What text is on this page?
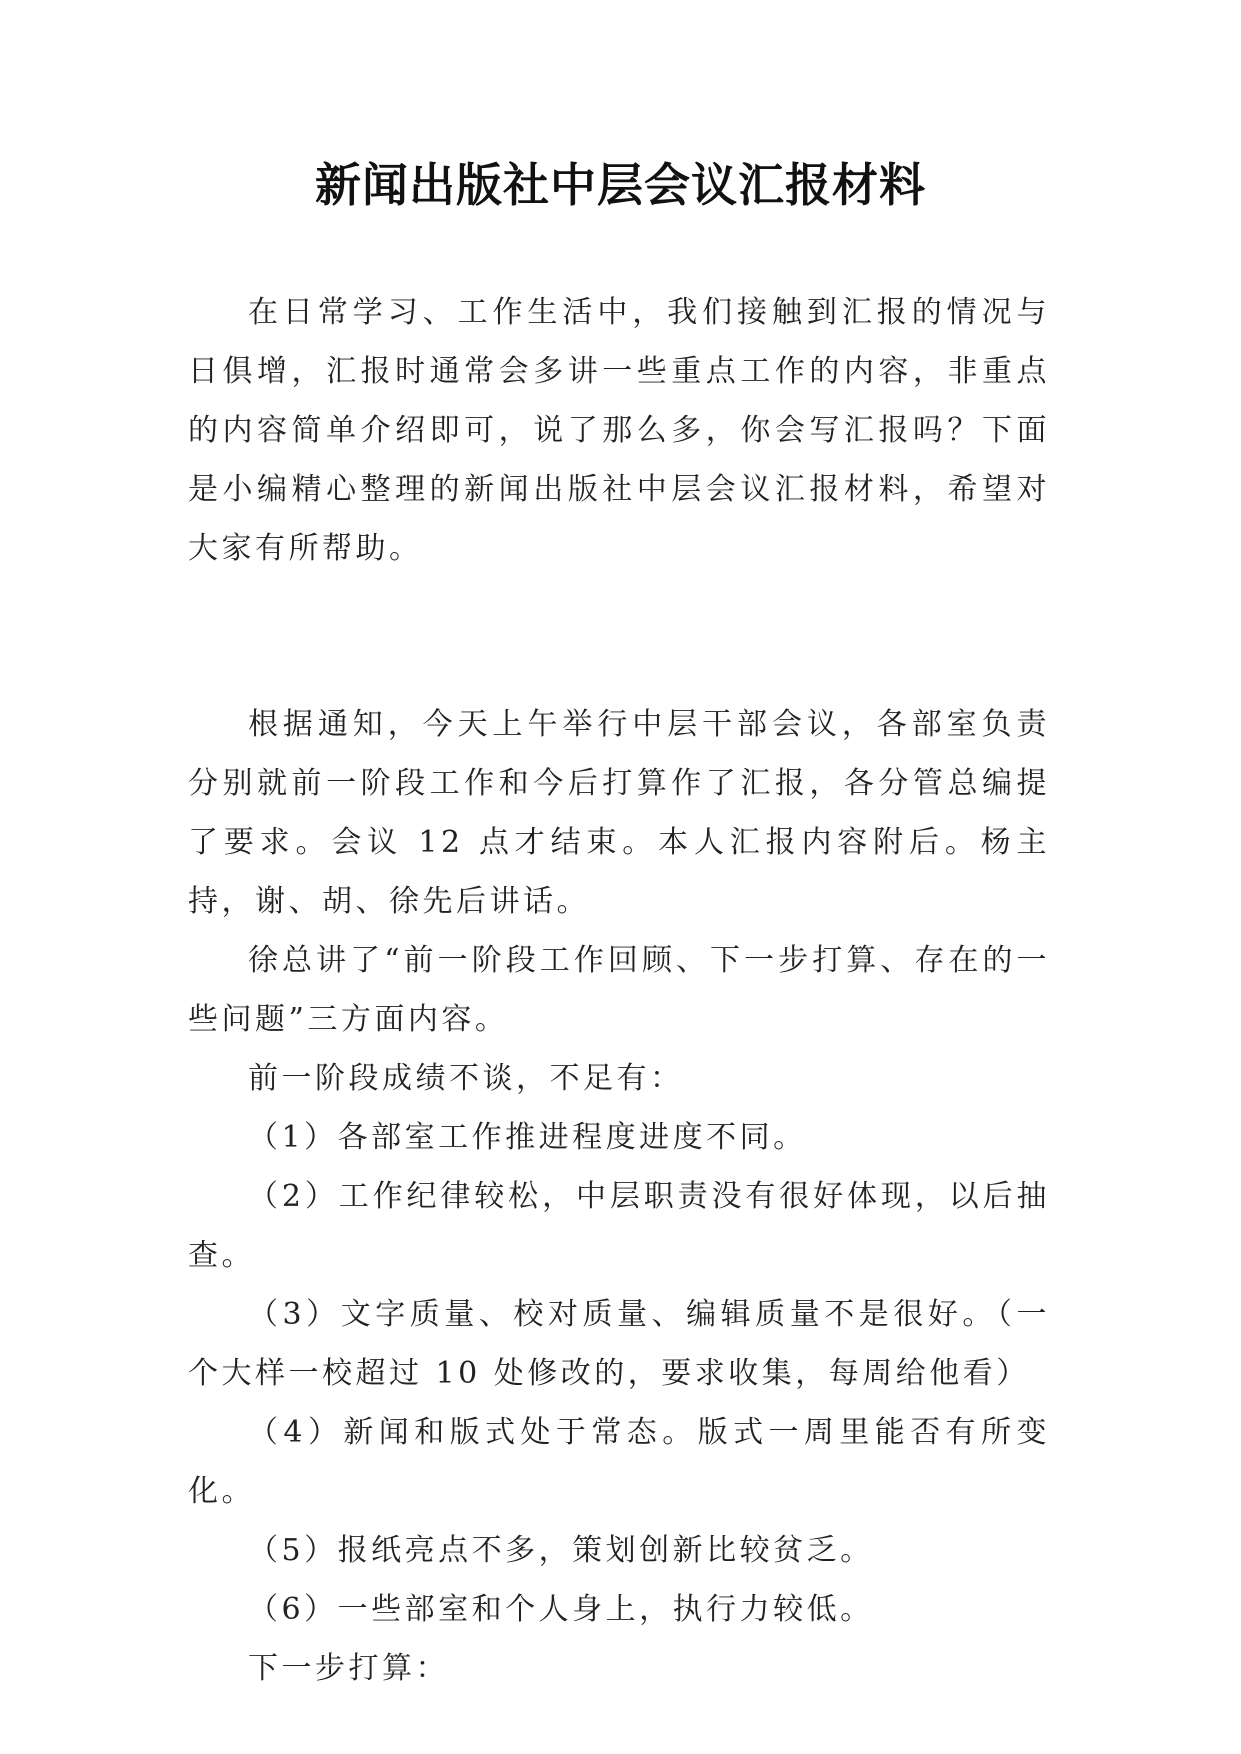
新闻出版社中层会议汇报材料

在日常学习、工作生活中，我们接触到汇报的情况与日俱增，汇报时通常会多讲一些重点工作的内容，非重点的内容简单介绍即可，说了那么多，你会写汇报吗？下面是小编精心整理的新闻出版社中层会议汇报材料，希望对大家有所帮助。

根据通知，今天上午举行中层干部会议，各部室负责分别就前一阶段工作和今后打算作了汇报，各分管总编提了要求。会议 12 点才结束。本人汇报内容附后。杨主持，谢、胡、徐先后讲话。

徐总讲了“前一阶段工作回顾、下一步打算、存在的一些问题”三方面内容。

前一阶段成绩不谈，不足有：

（1）各部室工作推进程度进度不同。

（2）工作纪律较松，中层职责没有很好体现，以后抽查。

（3）文字质量、校对质量、编辑质量不是很好。（一个大样一校超过 10 处修改的，要求收集，每周给他看）

（4）新闻和版式处于常态。版式一周里能否有所变化。

（5）报纸亮点不多，策划创新比较贫乏。

（6）一些部室和个人身上，执行力较低。

下一步打算：
